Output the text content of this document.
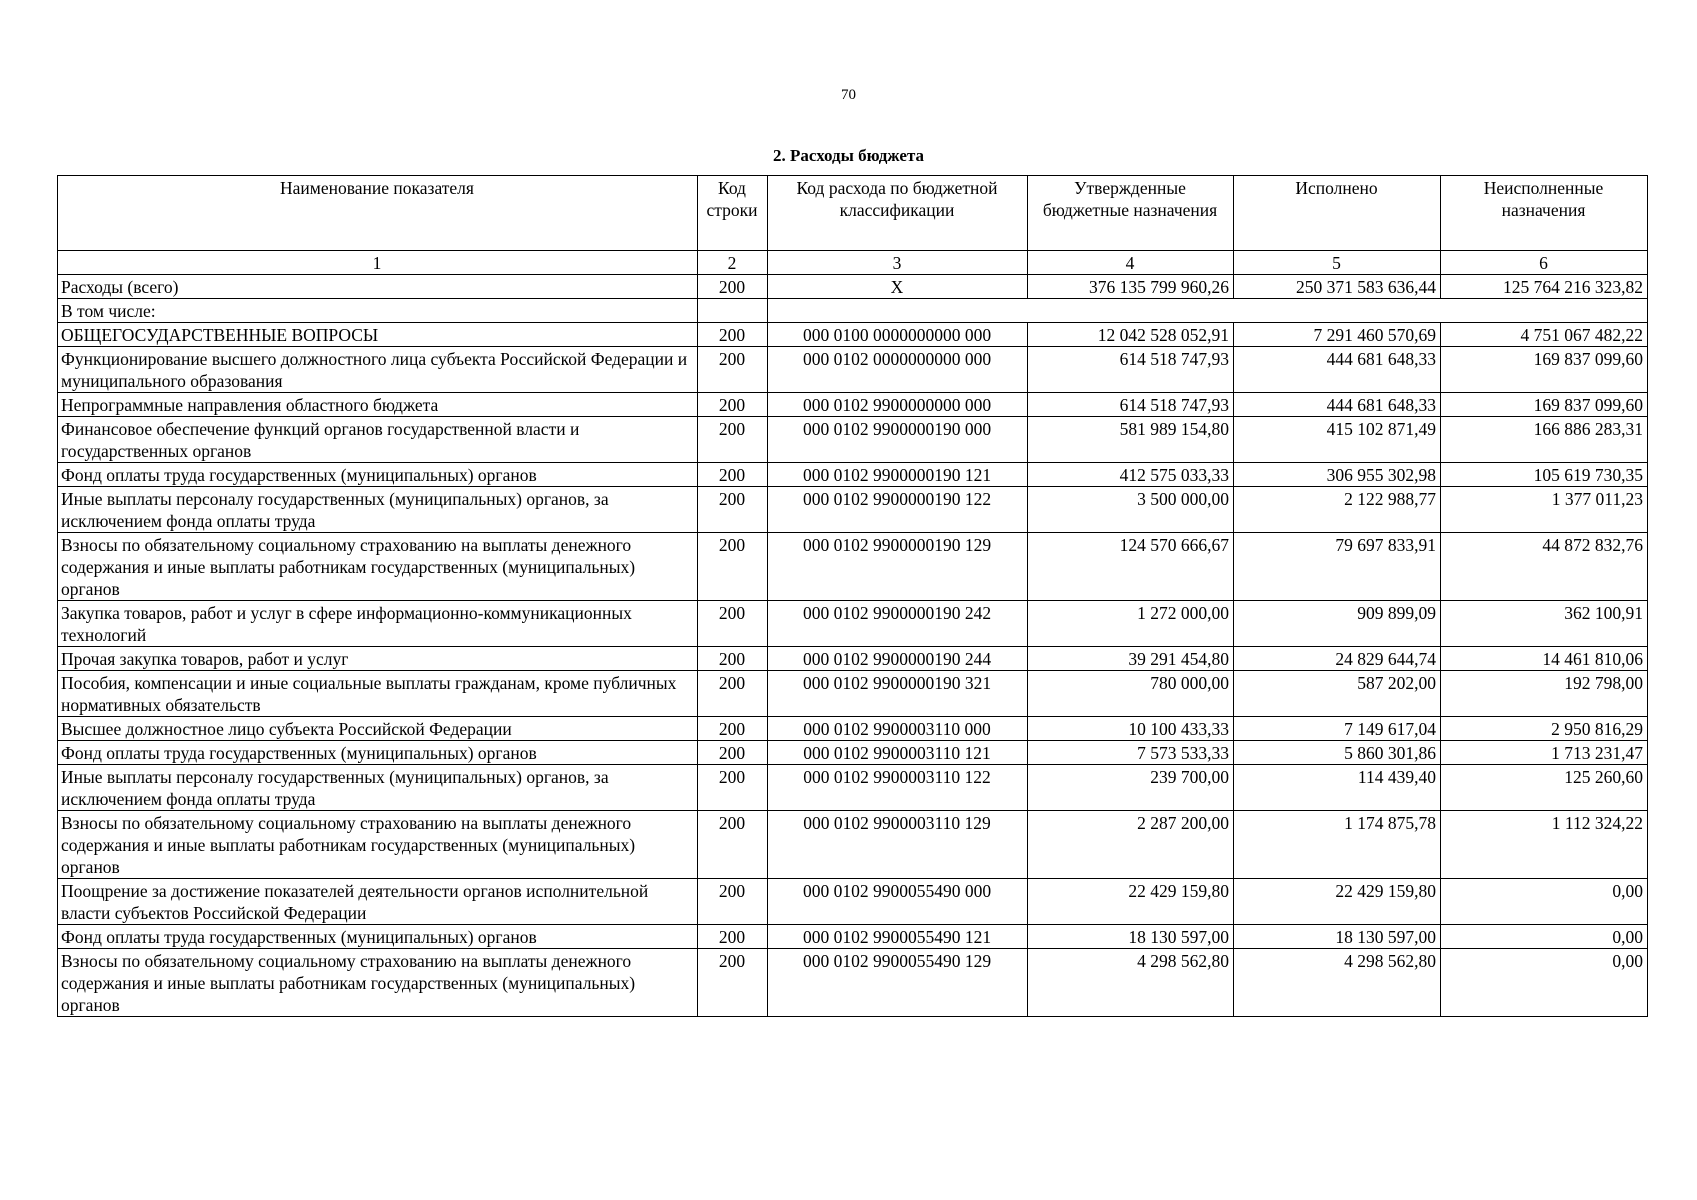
70
2. Расходы бюджета
Наименование показателя	Код строки	Код расхода по бюджетной классификации	Утвержденные бюджетные назначения	Исполнено	Неисполненные назначения
1	2	3	4	5	6
Расходы (всего)	200	X	376 135 799 960,26	250 371 583 636,44	125 764 216 323,82
В том числе:					
ОБЩЕГОСУДАРСТВЕННЫЕ ВОПРОСЫ	200	000 0100 0000000000 000	12 042 528 052,91	7 291 460 570,69	4 751 067 482,22
Функционирование высшего должностного лица субъекта Российской Федерации и муниципального образования	200	000 0102 0000000000 000	614 518 747,93	444 681 648,33	169 837 099,60
Непрограммные направления областного бюджета	200	000 0102 9900000000 000	614 518 747,93	444 681 648,33	169 837 099,60
Финансовое обеспечение функций органов государственной власти и государственных органов	200	000 0102 9900000190 000	581 989 154,80	415 102 871,49	166 886 283,31
Фонд оплаты труда государственных (муниципальных) органов	200	000 0102 9900000190 121	412 575 033,33	306 955 302,98	105 619 730,35
Иные выплаты персоналу государственных (муниципальных) органов, за исключением фонда оплаты труда	200	000 0102 9900000190 122	3 500 000,00	2 122 988,77	1 377 011,23
Взносы по обязательному социальному страхованию на выплаты денежного содержания и иные выплаты работникам государственных (муниципальных) органов	200	000 0102 9900000190 129	124 570 666,67	79 697 833,91	44 872 832,76
Закупка товаров, работ и услуг в сфере информационно-коммуникационных технологий	200	000 0102 9900000190 242	1 272 000,00	909 899,09	362 100,91
Прочая закупка товаров, работ и услуг	200	000 0102 9900000190 244	39 291 454,80	24 829 644,74	14 461 810,06
Пособия, компенсации и иные социальные выплаты гражданам, кроме публичных нормативных обязательств	200	000 0102 9900000190 321	780 000,00	587 202,00	192 798,00
Высшее должностное лицо субъекта Российской Федерации	200	000 0102 9900003110 000	10 100 433,33	7 149 617,04	2 950 816,29
Фонд оплаты труда государственных (муниципальных) органов	200	000 0102 9900003110 121	7 573 533,33	5 860 301,86	1 713 231,47
Иные выплаты персоналу государственных (муниципальных) органов, за исключением фонда оплаты труда	200	000 0102 9900003110 122	239 700,00	114 439,40	125 260,60
Взносы по обязательному социальному страхованию на выплаты денежного содержания и иные выплаты работникам государственных (муниципальных) органов	200	000 0102 9900003110 129	2 287 200,00	1 174 875,78	1 112 324,22
Поощрение за достижение показателей деятельности органов исполнительной власти субъектов Российской Федерации	200	000 0102 9900055490 000	22 429 159,80	22 429 159,80	0,00
Фонд оплаты труда государственных (муниципальных) органов	200	000 0102 9900055490 121	18 130 597,00	18 130 597,00	0,00
Взносы по обязательному социальному страхованию на выплаты денежного содержания и иные выплаты работникам государственных (муниципальных) органов	200	000 0102 9900055490 129	4 298 562,80	4 298 562,80	0,00
